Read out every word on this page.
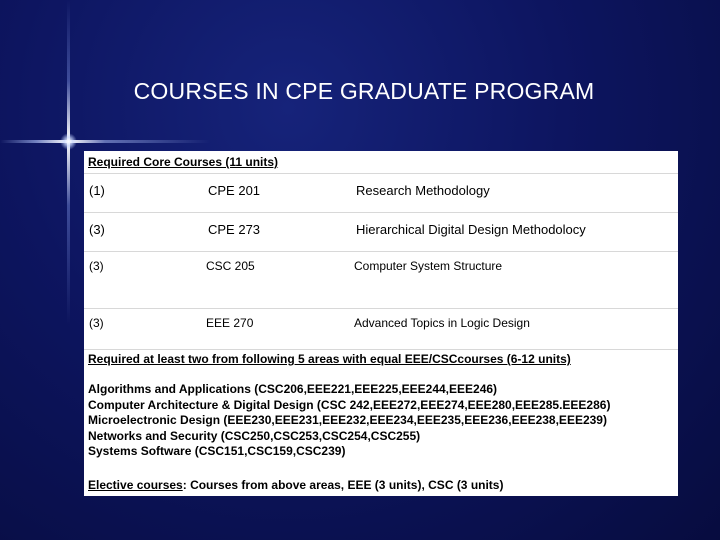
COURSES IN CPE GRADUATE PROGRAM
Required Core Courses (11 units)
(1)	CPE 201	Research Methodology
(3)	CPE 273	Hierarchical Digital Design Methodolocy
(3)	CSC 205	Computer System Structure
(3)	EEE 270	Advanced Topics in Logic Design
Required at least two from following 5 areas with equal EEE/CSCcourses (6-12 units)
Algorithms and Applications (CSC206,EEE221,EEE225,EEE244,EEE246)
Computer Architecture & Digital Design (CSC 242,EEE272,EEE274,EEE280,EEE285.EEE286)
Microelectronic Design (EEE230,EEE231,EEE232,EEE234,EEE235,EEE236,EEE238,EEE239)
Networks and Security (CSC250,CSC253,CSC254,CSC255)
Systems Software (CSC151,CSC159,CSC239)
Elective courses: Courses from above areas, EEE (3 units), CSC (3 units)
